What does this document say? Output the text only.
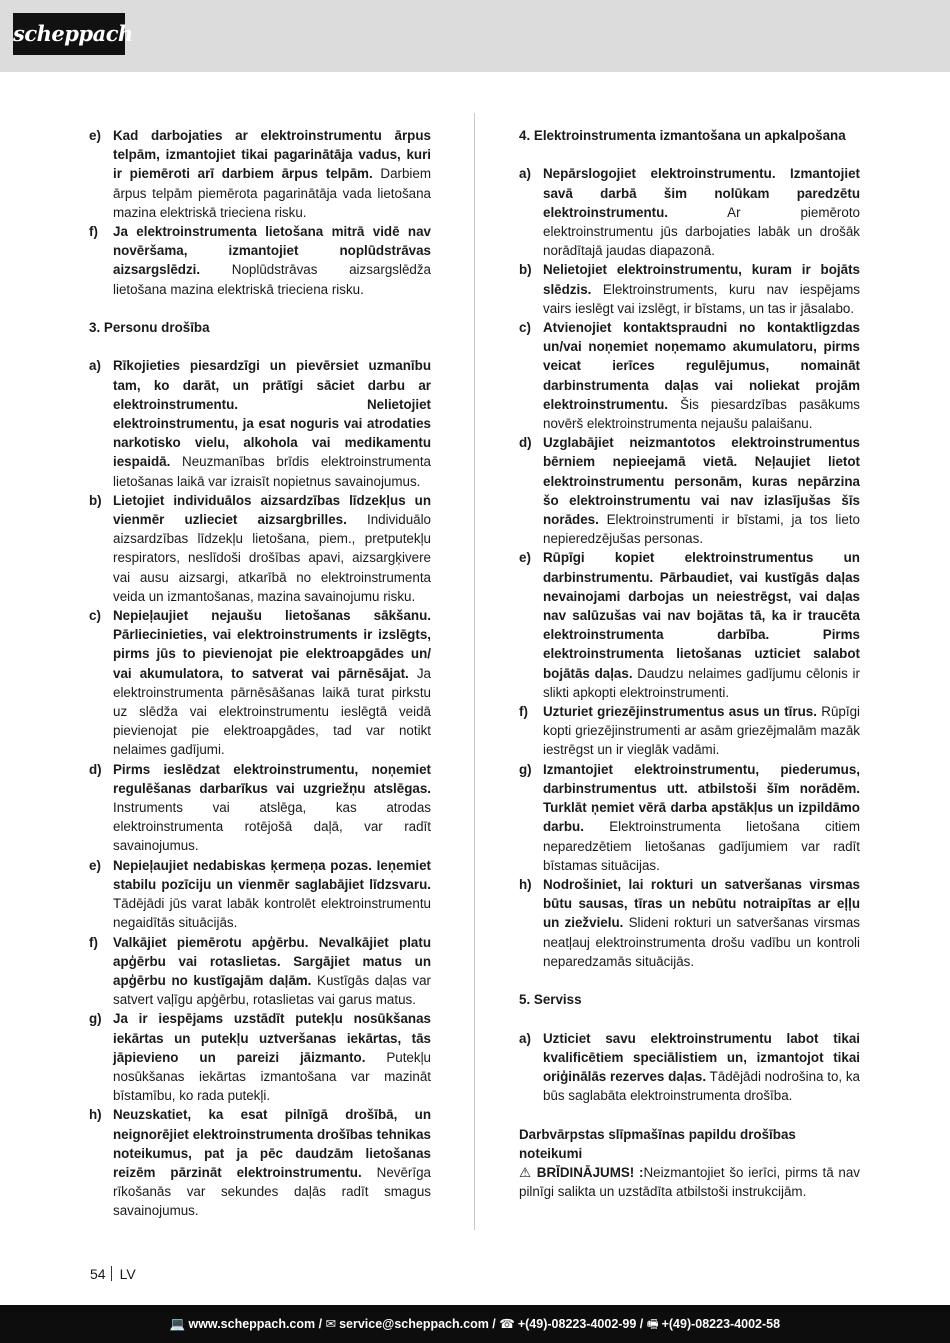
scheppach
e) Kad darbojaties ar elektroinstrumentu ārpus telpām, izmantojiet tikai pagarinātāja vadus, kuri ir piemēroti arī darbiem ārpus telpām. Darbiem ārpus telpām piemērota pagarinātāja vada lietošana mazina elektriskā trieciena risku.
f)	Ja elektroinstrumenta lietošana mitrā vidē nav novēršama, izmantojiet noplūdstrāvas aizsargslēdzi. Noplūdstrāvas aizsargslēdža lietošana mazina elektriskā trieciena risku.
3. Personu drošība
a) Rīkojieties piesardzīgi un pievērsiet uzmanību tam, ko darāt, un prātīgi sāciet darbu ar elektroinstrumentu. Nelietojiet elektroinstrumentu, ja esat noguris vai atrodaties narkotisko vielu, alkohola vai medikamentu iespaidā. Neuzmanības brīdis elektroinstrumenta lietošanas laikā var izraisīt nopietnus savainojumus.
b) Lietojiet individuālos aizsardzības līdzekļus un vienmēr uzlieciet aizsargbrilles. Individuālo aizsardzības līdzekļu lietošana, piem., pretputekļu respirators, neslīdoši drošības apavi, aizsargķivere vai ausu aizsargi, atkarībā no elektroinstrumenta veida un izmantošanas, mazina savainojumu risku.
c) Nepieļaujiet nejaušu lietošanas sākšanu. Pārliecinieties, vai elektroinstruments ir izslēgts, pirms jūs to pievienojat pie elektroapgādes un/ vai akumulatora, to satverat vai pārnēsājat. Ja elektroinstrumenta pārnēsāšanas laikā turat pirkstu uz slēdža vai elektroinstrumentu ieslēgtā veidā pievienojat pie elektroapgādes, tad var notikt nelaimes gadījumi.
d) Pirms ieslēdzat elektroinstrumentu, noņemiet regulēšanas darbarīkus vai uzgriežņu atslēgas. Instruments vai atslēga, kas atrodas elektroinstrumenta rotējošā daļā, var radīt savainojumus.
e) Nepieļaujiet nedabiskas ķermeņa pozas. Ieņemiet stabilu pozīciju un vienmēr saglabājiet līdzsvaru. Tādējādi jūs varat labāk kontrolēt elektroinstrumentu negaidītās situācijās.
f)	Valkājiet piemērotu apģērbu. Nevalkājiet platu apģērbu vai rotaslietas. Sargājiet matus un apģērbu no kustīgajām daļām. Kustīgās daļas var satvert vaļīgu apģērbu, rotaslietas vai garus matus.
g) Ja ir iespējams uzstādīt putekļu nosūkšanas iekārtas un putekļu uztveršanas iekārtas, tās jāpievieno un pareizi jāizmanto. Putekļu nosūkšanas iekārtas izmantošana var mazināt bīstamību, ko rada putekļi.
h) Neuzskatiet, ka esat pilnīgā drošībā, un neignorējiet elektroinstrumenta drošības tehnikas noteikumus, pat ja pēc daudzām lietošanas reizēm pārzināt elektroinstrumentu. Nevērīga rīkošanās var sekundes daļās radīt smagus savainojumus.
4. Elektroinstrumenta izmantošana un apkalpošana
a) Nepārslogojiet elektroinstrumentu. Izmantojiet savā darbā šim nolūkam paredzētu elektroinstrumentu. Ar piemēroto elektroinstrumentu jūs darbojaties labāk un drošāk norādītajā jaudas diapazonā.
b) Nelietojiet elektroinstrumentu, kuram ir bojāts slēdzis. Elektroinstruments, kuru nav iespējams vairs ieslēgt vai izslēgt, ir bīstams, un tas ir jāsalabo.
c) Atvienojiet kontaktspraudni no kontaktligzdas un/vai noņemiet noņemamo akumulatoru, pirms veicat ierīces regulējumus, nomaināt darbinstrumenta daļas vai noliekat projām elektroinstrumentu. Šis piesardzības pasākums novērš elektroinstrumenta nejaušu palaišanu.
d) Uzglabājiet neizmantotos elektroinstrumentus bērniem nepieejamā vietā. Neļaujiet lietot elektroinstrumentu personām, kuras nepārzina šo elektroinstrumentu vai nav izlasījušas šīs norādes. Elektroinstrumenti ir bīstami, ja tos lieto nepieredzējušas personas.
e) Rūpīgi kopiet elektroinstrumentus un darbinstrumentu. Pārbaudiet, vai kustīgās daļas nevainojami darbojas un neiestrēgst, vai daļas nav salūzušas vai nav bojātas tā, ka ir traucēta elektroinstrumenta darbība. Pirms elektroinstrumenta lietošanas uzticiet salabot bojātās daļas. Daudzu nelaimes gadījumu cēlonis ir slikti apkopti elektroinstrumenti.
f)	Uzturiet griezējinstrumentus asus un tīrus. Rūpīgi kopti griezējinstrumenti ar asām griezējmalām mazāk iestrēgst un ir vieglāk vadāmi.
g) Izmantojiet elektroinstrumentu, piederumus, darbinstrumentus utt. atbilstoši šīm norādēm. Turklāt ņemiet vērā darba apstākļus un izpildāmo darbu. Elektroinstrumenta lietošana citiem neparedzētiem lietošanas gadījumiem var radīt bīstamas situācijas.
h) Nodrošiniet, lai rokturi un satveršanas virsmas būtu sausas, tīras un nebūtu notraipītas ar eļļu un ziežvielu. Slideni rokturi un satveršanas virsmas neatļauj elektroinstrumenta drošu vadību un kontroli neparedzamās situācijās.
5. Serviss
a) Uzticiet savu elektroinstrumentu labot tikai kvalificētiem speciālistiem un, izmantojot tikai oriģinālās rezerves daļas. Tādējādi nodrošina to, ka būs saglabāta elektroinstrumenta drošība.
Darbvārpstas slīpmašīnas papildu drošības noteikumi
⚠ BRĪDINĀJUMS! :Neizmantojiet šo ierīci, pirms tā nav pilnīgi salikta un uzstādīta atbilstoši instrukcijām.
54 LV
💻 www.scheppach.com / ✉ service@scheppach.com / ☎ +(49)-08223-4002-99 / 🖷 +(49)-08223-4002-58
